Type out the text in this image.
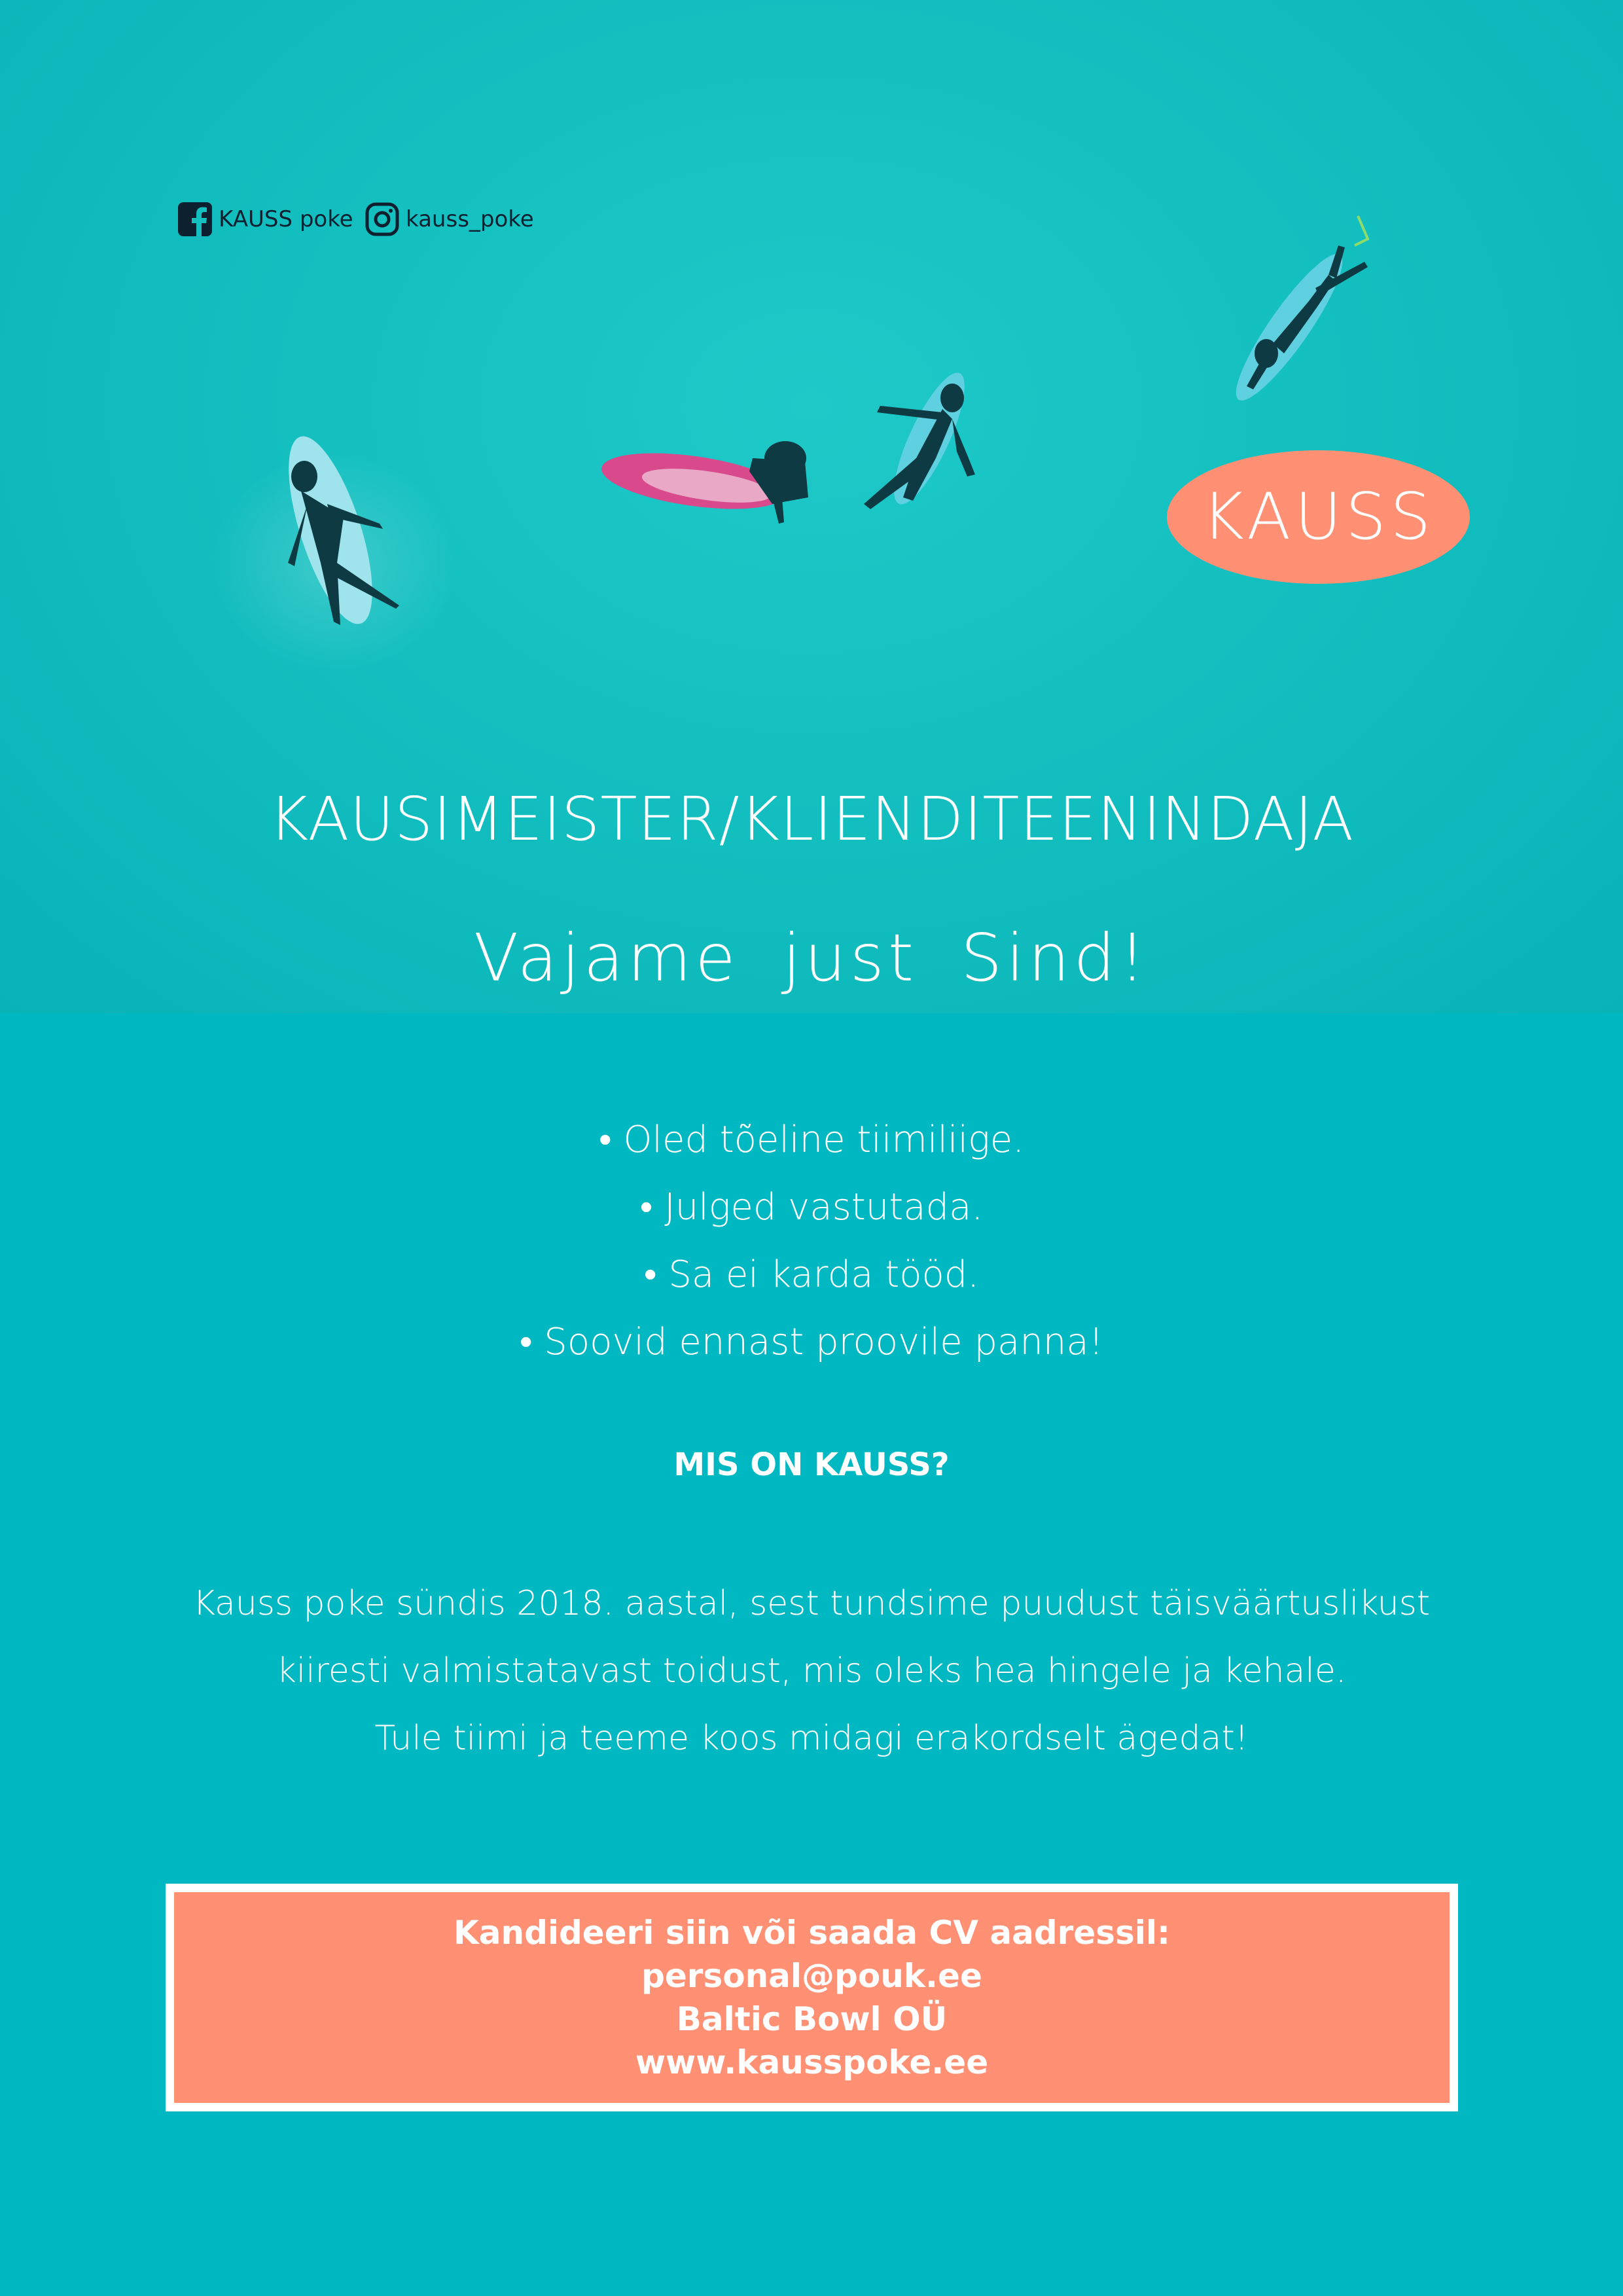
KAUSS poke kauss_poke
KAUSS
KAUSIMEISTER/KLIENDITEENINDAJA
Vajame just Sind!
• Oled tõeline tiimiliige.
• Julged vastutada.
• Sa ei karda tööd.
• Soovid ennast proovile panna!
MIS ON KAUSS?
Kauss poke sündis 2018. aastal, sest tundsime puudust täisväärtuslikust
kiiresti valmistatavast toidust, mis oleks hea hingele ja kehale.
Tule tiimi ja teeme koos midagi erakordselt ägedat!
Kandideeri siin või saada CV aadressil:
personal@pouk.ee
Baltic Bowl OÜ
www.kausspoke.ee
